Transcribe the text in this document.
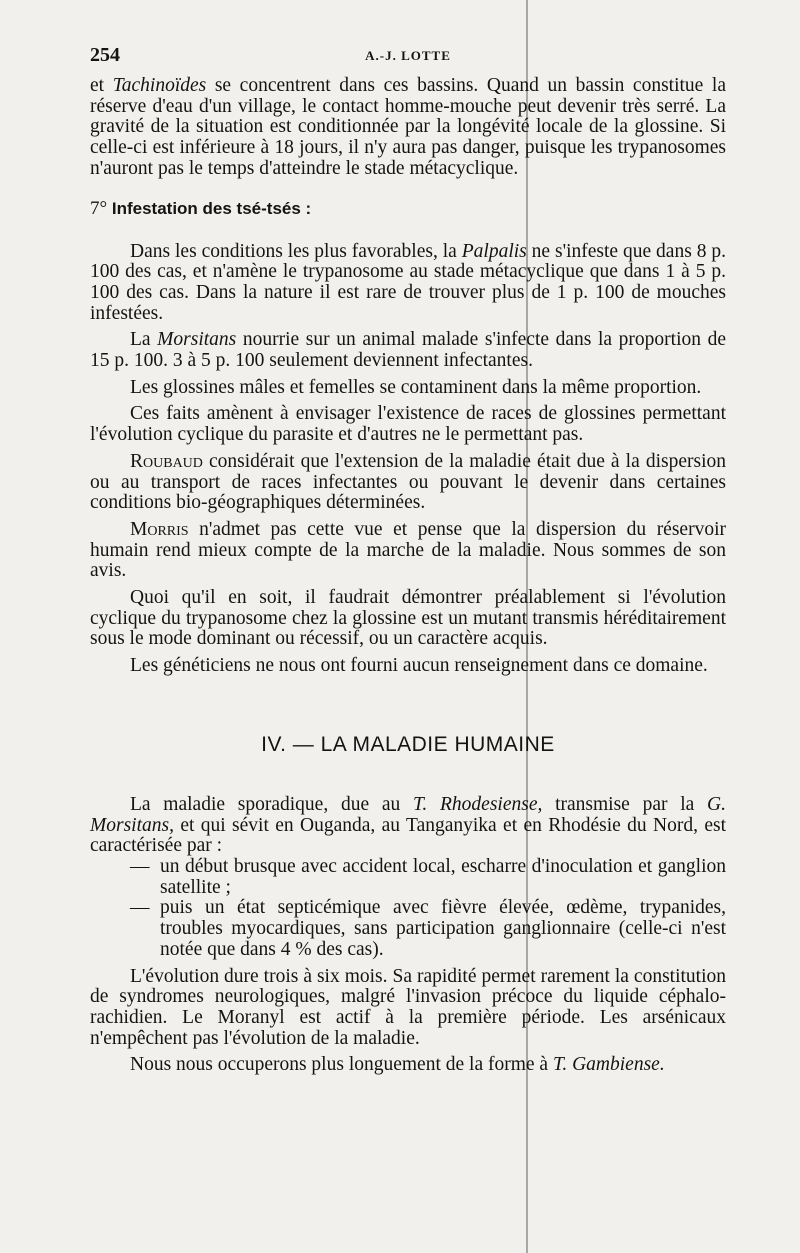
254	A.-J. LOTTE

et Tachinoïdes se concentrent dans ces bassins. Quand un bassin constitue la réserve d'eau d'un village, le contact homme-mouche peut devenir très serré. La gravité de la situation est conditionnée par la longévité locale de la glossine. Si celle-ci est inférieure à 18 jours, il n'y aura pas danger, puisque les trypanosomes n'auront pas le temps d'atteindre le stade métacyclique.

7° Infestation des tsé-tsés :

Dans les conditions les plus favorables, la Palpalis ne s'infeste que dans 8 p. 100 des cas, et n'amène le trypanosome au stade métacyclique que dans 1 à 5 p. 100 des cas. Dans la nature il est rare de trouver plus de 1 p. 100 de mouches infestées.

La Morsitans nourrie sur un animal malade s'infecte dans la proportion de 15 p. 100. 3 à 5 p. 100 seulement deviennent infectantes.

Les glossines mâles et femelles se contaminent dans la même proportion.

Ces faits amènent à envisager l'existence de races de glossines permettant l'évolution cyclique du parasite et d'autres ne le permettant pas.

Roubaud considérait que l'extension de la maladie était due à la dispersion ou au transport de races infectantes ou pouvant le devenir dans certaines conditions bio-géographiques déterminées.

Morris n'admet pas cette vue et pense que la dispersion du réservoir humain rend mieux compte de la marche de la maladie. Nous sommes de son avis.

Quoi qu'il en soit, il faudrait démontrer préalablement si l'évolution cyclique du trypanosome chez la glossine est un mutant transmis héréditairement sous le mode dominant ou récessif, ou un caractère acquis.

Les généticiens ne nous ont fourni aucun renseignement dans ce domaine.

IV. — LA MALADIE HUMAINE

La maladie sporadique, due au T. Rhodesiense, transmise par la G. Morsitans, et qui sévit en Ouganda, au Tanganyika et en Rhodésie du Nord, est caractérisée par :

— un début brusque avec accident local, escharre d'inoculation et ganglion satellite ;

— puis un état septicémique avec fièvre élevée, œdème, trypanides, troubles myocardiques, sans participation ganglionnaire (celle-ci n'est notée que dans 4 % des cas).

L'évolution dure trois à six mois. Sa rapidité permet rarement la constitution de syndromes neurologiques, malgré l'invasion précoce du liquide céphalo-rachidien. Le Moranyl est actif à la première période. Les arsénicaux n'empêchent pas l'évolution de la maladie.

Nous nous occuperons plus longuement de la forme à T. Gambiense.
